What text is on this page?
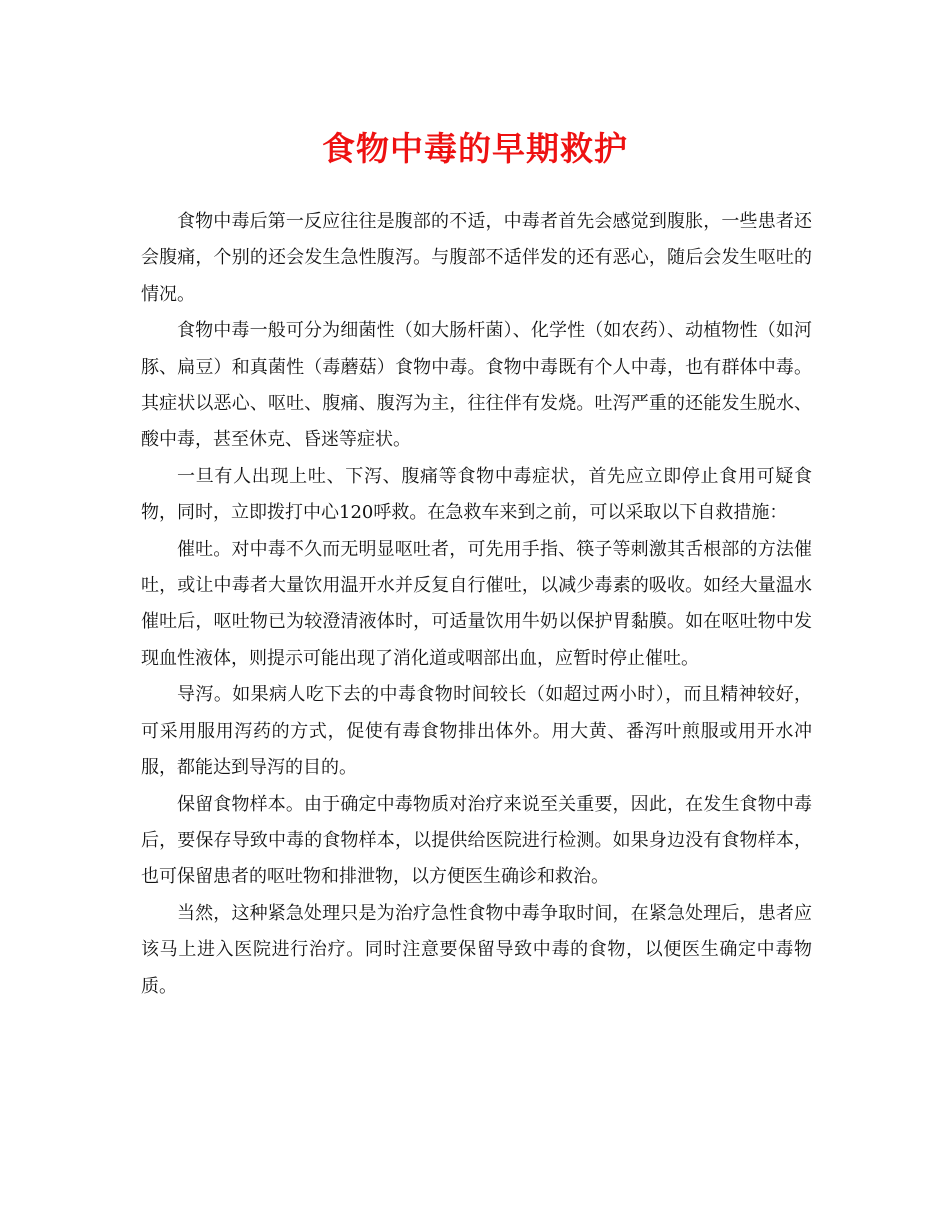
食物中毒的早期救护

食物中毒后第一反应往往是腹部的不适，中毒者首先会感觉到腹胀，一些患者还会腹痛，个别的还会发生急性腹泻。与腹部不适伴发的还有恶心，随后会发生呕吐的情况。

食物中毒一般可分为细菌性（如大肠杆菌）、化学性（如农药）、动植物性（如河豚、扁豆）和真菌性（毒蘑菇）食物中毒。食物中毒既有个人中毒，也有群体中毒。其症状以恶心、呕吐、腹痛、腹泻为主，往往伴有发烧。吐泻严重的还能发生脱水、酸中毒，甚至休克、昏迷等症状。

一旦有人出现上吐、下泻、腹痛等食物中毒症状，首先应立即停止食用可疑食物，同时，立即拨打中心120呼救。在急救车来到之前，可以采取以下自救措施：

催吐。对中毒不久而无明显呕吐者，可先用手指、筷子等刺激其舌根部的方法催吐，或让中毒者大量饮用温开水并反复自行催吐，以减少毒素的吸收。如经大量温水催吐后，呕吐物已为较澄清液体时，可适量饮用牛奶以保护胃黏膜。如在呕吐物中发现血性液体，则提示可能出现了消化道或咽部出血，应暂时停止催吐。

导泻。如果病人吃下去的中毒食物时间较长（如超过两小时），而且精神较好，可采用服用泻药的方式，促使有毒食物排出体外。用大黄、番泻叶煎服或用开水冲服，都能达到导泻的目的。

保留食物样本。由于确定中毒物质对治疗来说至关重要，因此，在发生食物中毒后，要保存导致中毒的食物样本，以提供给医院进行检测。如果身边没有食物样本，也可保留患者的呕吐物和排泄物，以方便医生确诊和救治。

当然，这种紧急处理只是为治疗急性食物中毒争取时间，在紧急处理后，患者应该马上进入医院进行治疗。同时注意要保留导致中毒的食物，以便医生确定中毒物质。
